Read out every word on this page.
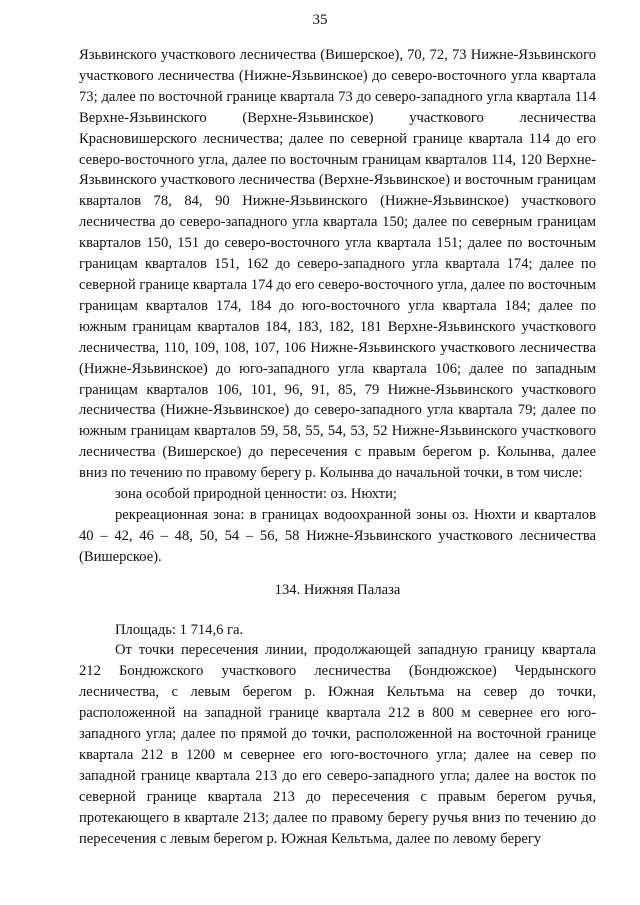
35

Язьвинского участкового лесничества (Вишерское), 70, 72, 73 Нижне-Язьвинского участкового лесничества (Нижне-Язьвинское) до северо-восточного угла квартала 73; далее по восточной границе квартала 73 до северо-западного угла квартала 114 Верхне-Язьвинского (Верхне-Язьвинское) участкового лесничества Красновишерского лесничества; далее по северной границе квартала 114 до его северо-восточного угла, далее по восточным границам кварталов 114, 120 Верхне-Язьвинского участкового лесничества (Верхне-Язьвинское) и восточным границам кварталов 78, 84, 90 Нижне-Язьвинского (Нижне-Язьвинское) участкового лесничества до северо-западного угла квартала 150; далее по северным границам кварталов 150, 151 до северо-восточного угла квартала 151; далее по восточным границам кварталов 151, 162 до северо-западного угла квартала 174; далее по северной границе квартала 174 до его северо-восточного угла, далее по восточным границам кварталов 174, 184 до юго-восточного угла квартала 184; далее по южным границам кварталов 184, 183, 182, 181 Верхне-Язьвинского участкового лесничества, 110, 109, 108, 107, 106 Нижне-Язьвинского участкового лесничества (Нижне-Язьвинское) до юго-западного угла квартала 106; далее по западным границам кварталов 106, 101, 96, 91, 85, 79 Нижне-Язьвинского участкового лесничества (Нижне-Язьвинское) до северо-западного угла квартала 79; далее по южным границам кварталов 59, 58, 55, 54, 53, 52 Нижне-Язьвинского участкового лесничества (Вишерское) до пересечения с правым берегом р. Колынва, далее вниз по течению по правому берегу р. Колынва до начальной точки, в том числе:

зона особой природной ценности: оз. Нюхти;

рекреационная зона: в границах водоохранной зоны оз. Нюхти и кварталов 40 – 42, 46 – 48, 50, 54 – 56, 58 Нижне-Язьвинского участкового лесничества (Вишерское).

134. Нижняя Палаза

Площадь: 1 714,6 га.

От точки пересечения линии, продолжающей западную границу квартала 212 Бондюжского участкового лесничества (Бондюжское) Чердынского лесничества, с левым берегом р. Южная Кельтьма на север до точки, расположенной на западной границе квартала 212 в 800 м севернее его юго-западного угла; далее по прямой до точки, расположенной на восточной границе квартала 212 в 1200 м севернее его юго-восточного угла; далее на север по западной границе квартала 213 до его северо-западного угла; далее на восток по северной границе квартала 213 до пересечения с правым берегом ручья, протекающего в квартале 213; далее по правому берегу ручья вниз по течению до пересечения с левым берегом р. Южная Кельтьма, далее по левому берегу
